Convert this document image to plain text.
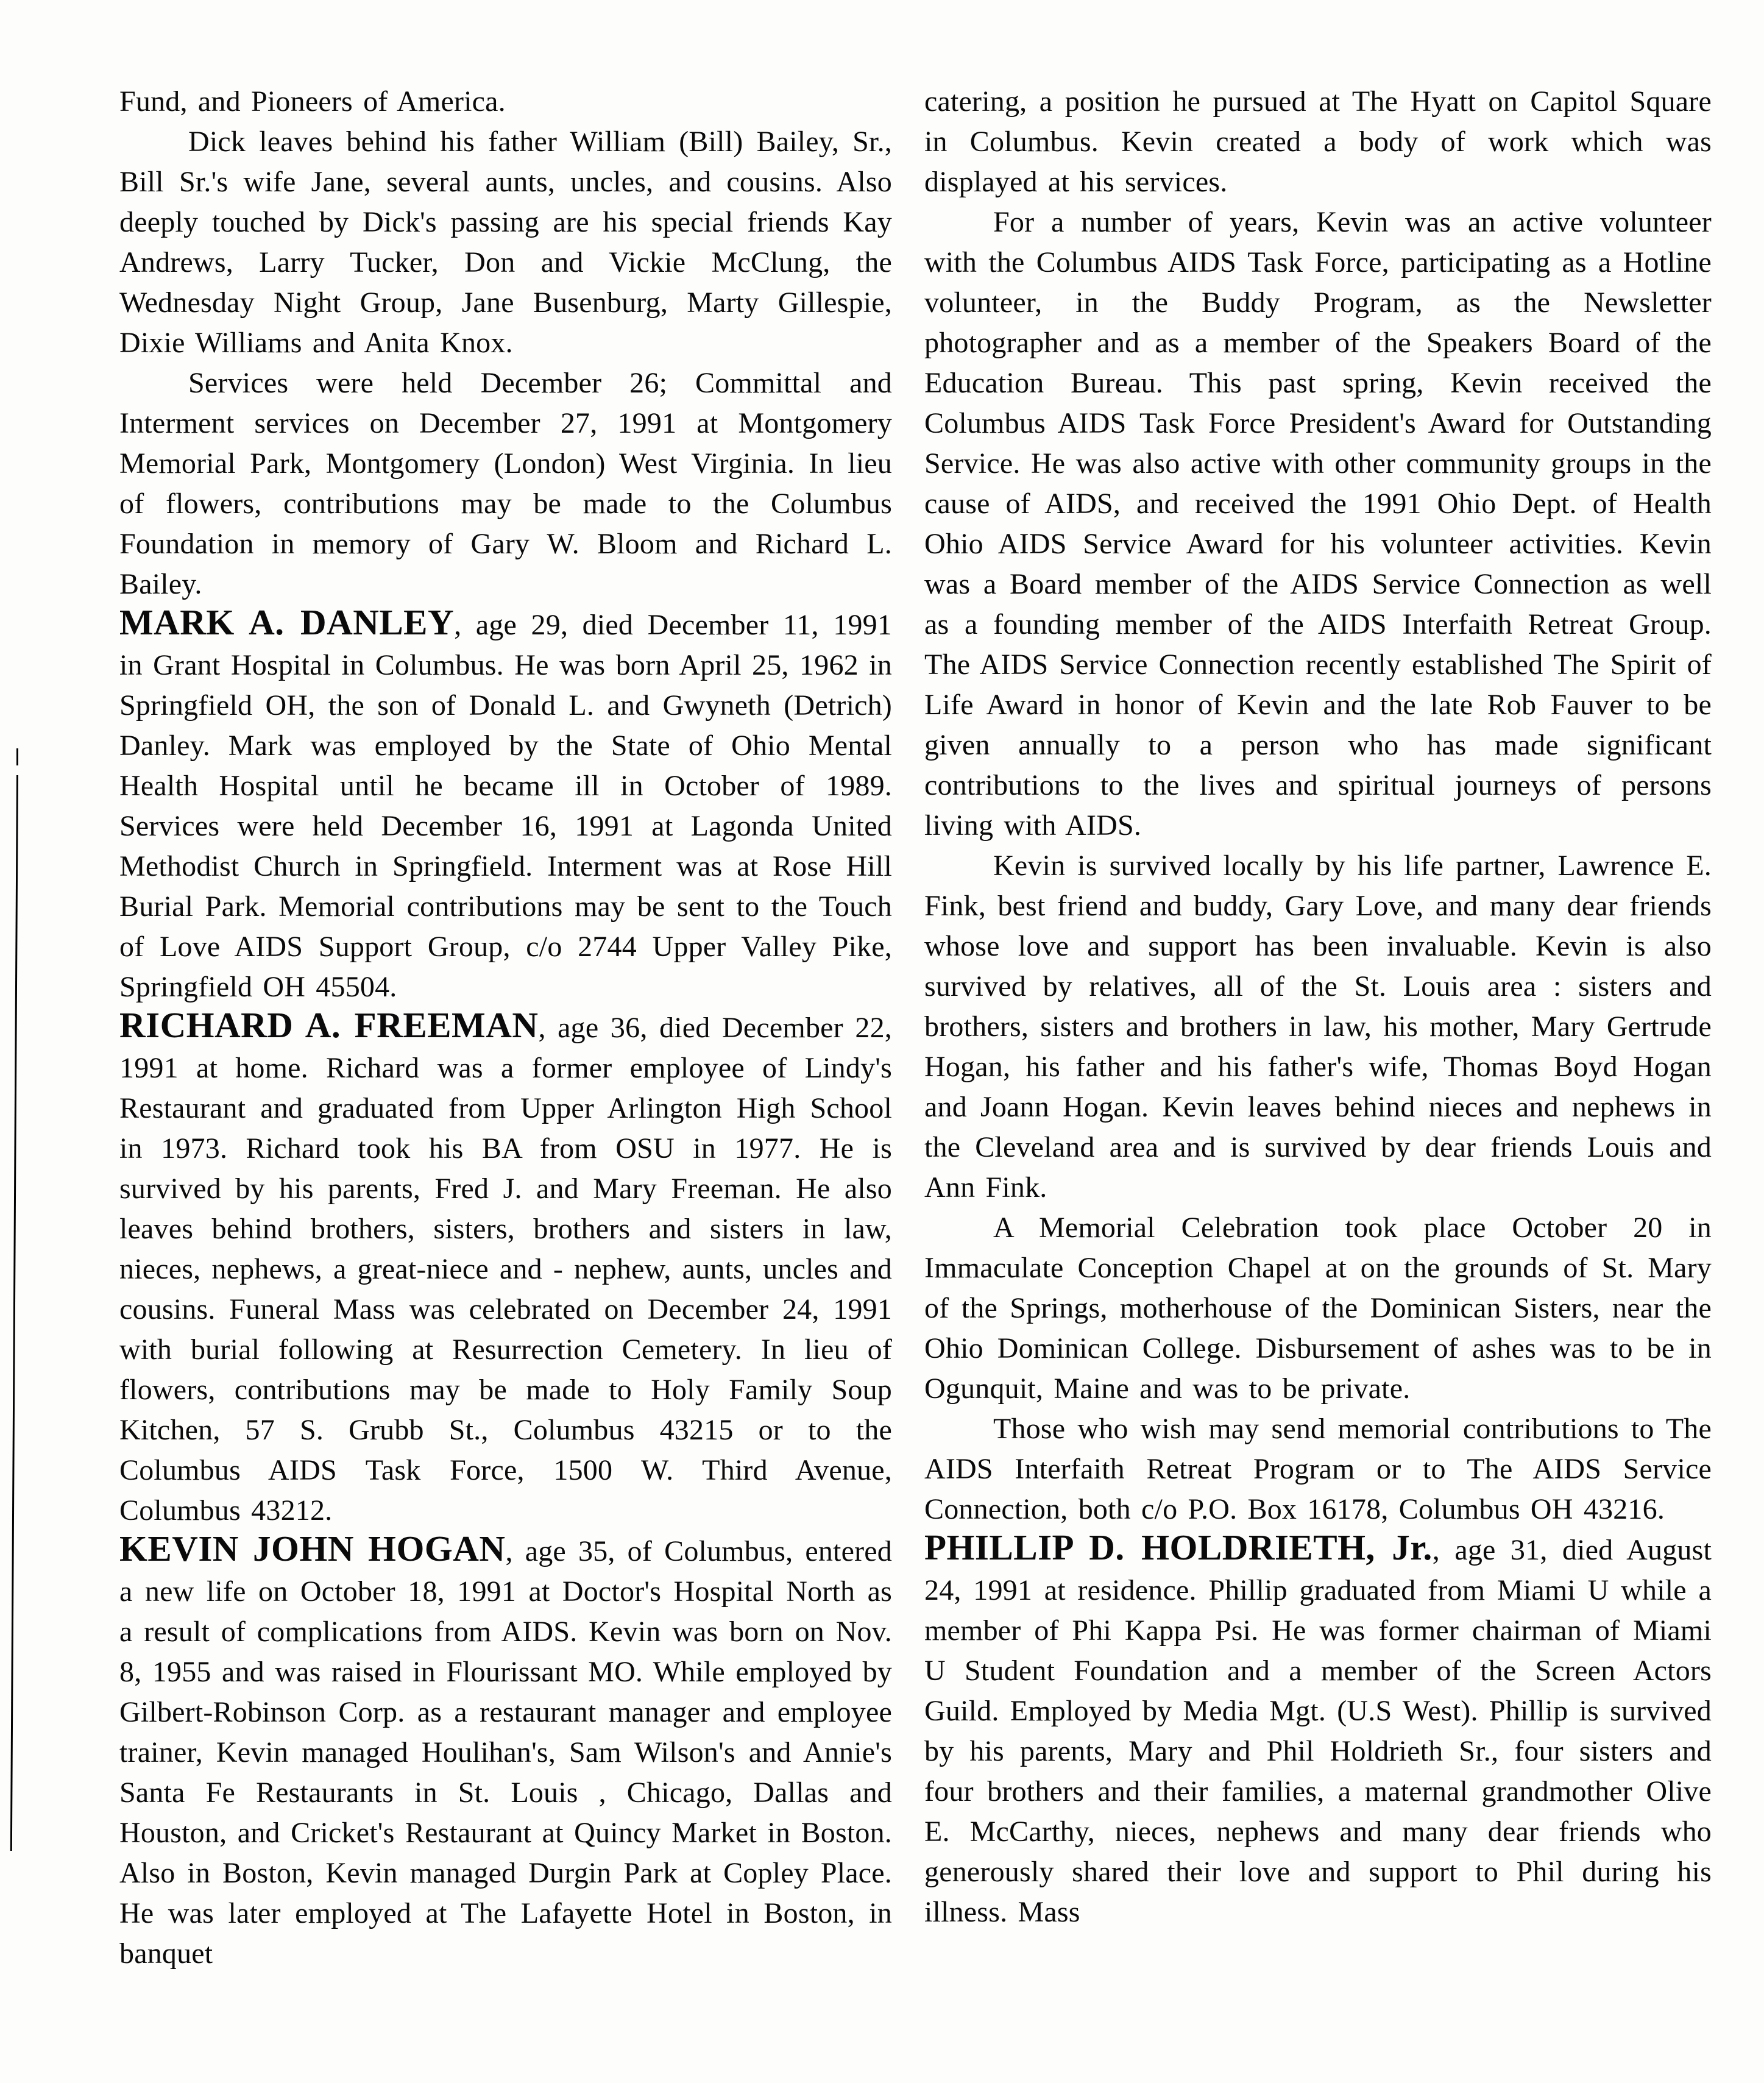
Fund, and Pioneers of America.

Dick leaves behind his father William (Bill) Bailey, Sr., Bill Sr.'s wife Jane, several aunts, uncles, and cousins. Also deeply touched by Dick's passing are his special friends Kay Andrews, Larry Tucker, Don and Vickie McClung, the Wednesday Night Group, Jane Busenburg, Marty Gillespie, Dixie Williams and Anita Knox.

Services were held December 26; Committal and Interment services on December 27, 1991 at Montgomery Memorial Park, Montgomery (London) West Virginia. In lieu of flowers, contributions may be made to the Columbus Foundation in memory of Gary W. Bloom and Richard L. Bailey.

MARK A. DANLEY, age 29, died December 11, 1991 in Grant Hospital in Columbus. He was born April 25, 1962 in Springfield OH, the son of Donald L. and Gwyneth (Detrich) Danley. Mark was employed by the State of Ohio Mental Health Hospital until he became ill in October of 1989. Services were held December 16, 1991 at Lagonda United Methodist Church in Springfield. Interment was at Rose Hill Burial Park. Memorial contributions may be sent to the Touch of Love AIDS Support Group, c/o 2744 Upper Valley Pike, Springfield OH 45504.

RICHARD A. FREEMAN, age 36, died December 22, 1991 at home. Richard was a former employee of Lindy's Restaurant and graduated from Upper Arlington High School in 1973. Richard took his BA from OSU in 1977. He is survived by his parents, Fred J. and Mary Freeman. He also leaves behind brothers, sisters, brothers and sisters in law, nieces, nephews, a great-niece and - nephew, aunts, uncles and cousins. Funeral Mass was celebrated on December 24, 1991 with burial following at Resurrection Cemetery. In lieu of flowers, contributions may be made to Holy Family Soup Kitchen, 57 S. Grubb St., Columbus 43215 or to the Columbus AIDS Task Force, 1500 W. Third Avenue, Columbus 43212.

KEVIN JOHN HOGAN, age 35, of Columbus, entered a new life on October 18, 1991 at Doctor's Hospital North as a result of complications from AIDS. Kevin was born on Nov. 8, 1955 and was raised in Flourissant MO. While employed by Gilbert-Robinson Corp. as a restaurant manager and employee trainer, Kevin managed Houlihan's, Sam Wilson's and Annie's Santa Fe Restaurants in St. Louis , Chicago, Dallas and Houston, and Cricket's Restaurant at Quincy Market in Boston. Also in Boston, Kevin managed Durgin Park at Copley Place. He was later employed at The Lafayette Hotel in Boston, in banquet

catering, a position he pursued at The Hyatt on Capitol Square in Columbus. Kevin created a body of work which was displayed at his services.

For a number of years, Kevin was an active volunteer with the Columbus AIDS Task Force, participating as a Hotline volunteer, in the Buddy Program, as the Newsletter photographer and as a member of the Speakers Board of the Education Bureau. This past spring, Kevin received the Columbus AIDS Task Force President's Award for Outstanding Service. He was also active with other community groups in the cause of AIDS, and received the 1991 Ohio Dept. of Health Ohio AIDS Service Award for his volunteer activities. Kevin was a Board member of the AIDS Service Connection as well as a founding member of the AIDS Interfaith Retreat Group. The AIDS Service Connection recently established The Spirit of Life Award in honor of Kevin and the late Rob Fauver to be given annually to a person who has made significant contributions to the lives and spiritual journeys of persons living with AIDS.

Kevin is survived locally by his life partner, Lawrence E. Fink, best friend and buddy, Gary Love, and many dear friends whose love and support has been invaluable. Kevin is also survived by relatives, all of the St. Louis area : sisters and brothers, sisters and brothers in law, his mother, Mary Gertrude Hogan, his father and his father's wife, Thomas Boyd Hogan and Joann Hogan. Kevin leaves behind nieces and nephews in the Cleveland area and is survived by dear friends Louis and Ann Fink.

A Memorial Celebration took place October 20 in Immaculate Conception Chapel at on the grounds of St. Mary of the Springs, motherhouse of the Dominican Sisters, near the Ohio Dominican College. Disbursement of ashes was to be in Ogunquit, Maine and was to be private.

Those who wish may send memorial contributions to The AIDS Interfaith Retreat Program or to The AIDS Service Connection, both c/o P.O. Box 16178, Columbus OH 43216.

PHILLIP D. HOLDRIETH, Jr., age 31, died August 24, 1991 at residence. Phillip graduated from Miami U while a member of Phi Kappa Psi. He was former chairman of Miami U Student Foundation and a member of the Screen Actors Guild. Employed by Media Mgt. (U.S West). Phillip is survived by his parents, Mary and Phil Holdrieth Sr., four sisters and four brothers and their families, a maternal grandmother Olive E. McCarthy, nieces, nephews and many dear friends who generously shared their love and support to Phil during his illness. Mass
